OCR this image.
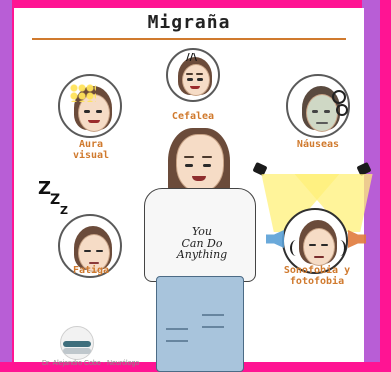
Migraña
//\
Cefalea
Aura
visual
Náuseas
Z
Z
Z
Fatiga	Sonofobia y
fotofobia
You
Can Do
Anything
Dr. Alejandro Cobo - Neurólogo
